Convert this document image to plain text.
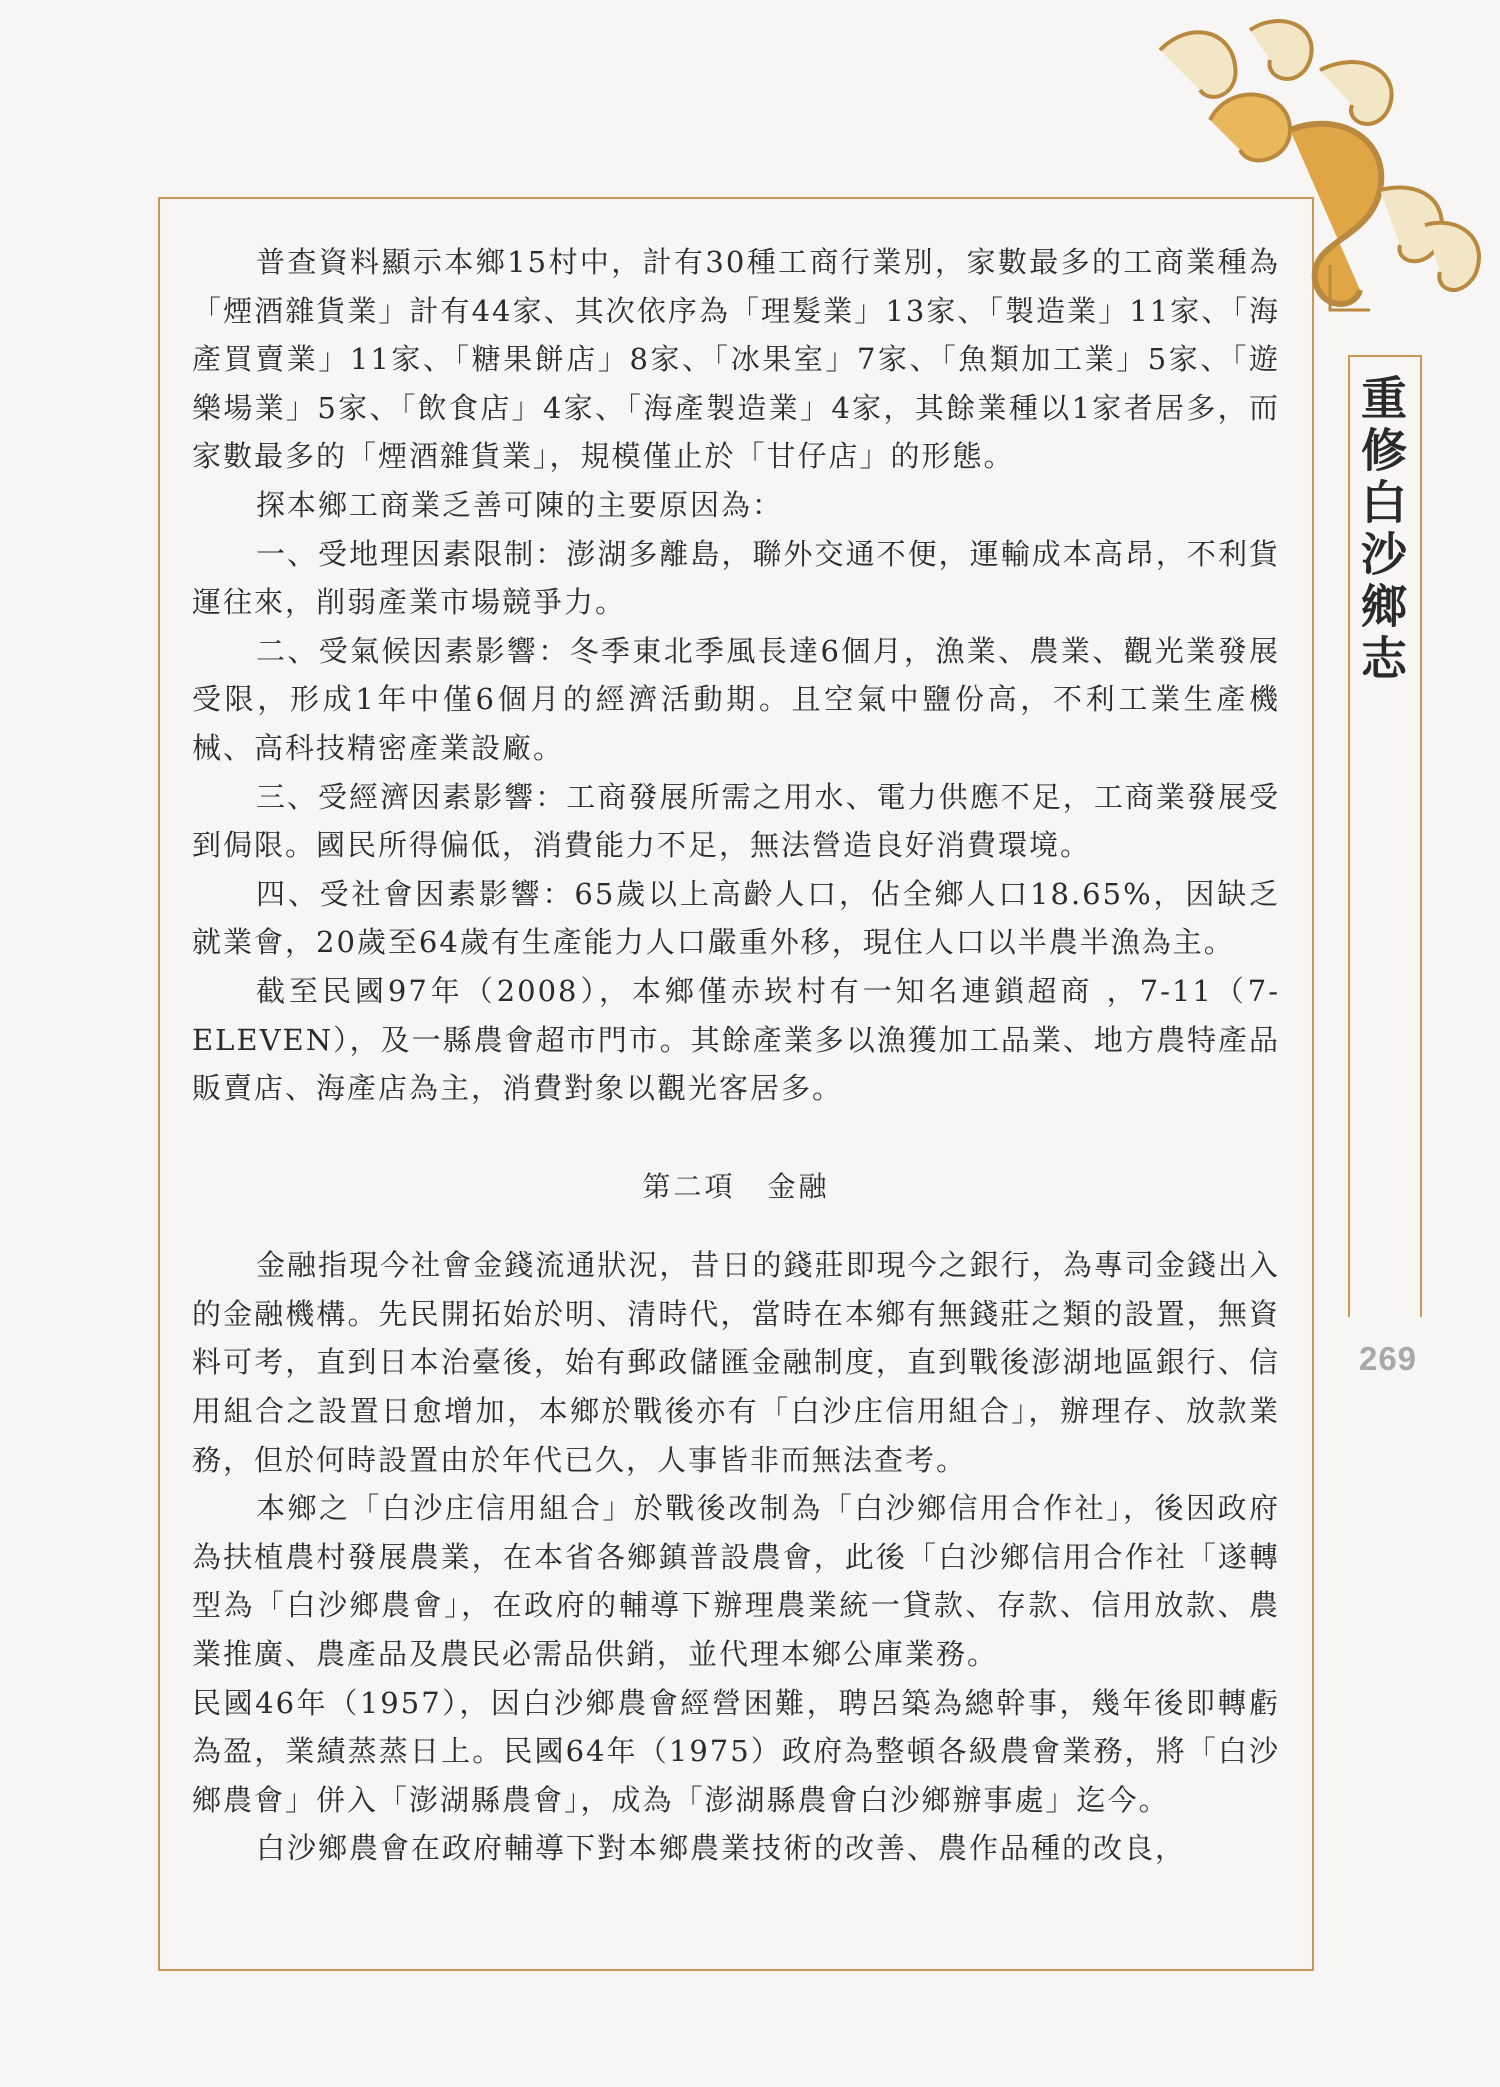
重修白沙鄉志
269

普查資料顯示本鄉15村中，計有30種工商行業別，家數最多的工商業種為「煙酒雜貨業」計有44家、其次依序為「理髮業」13家、「製造業」11家、「海產買賣業」11家、「糖果餅店」8家、「冰果室」7家、「魚類加工業」5家、「遊樂場業」5家、「飲食店」4家、「海產製造業」4家，其餘業種以1家者居多，而家數最多的「煙酒雜貨業」，規模僅止於「甘仔店」的形態。

探本鄉工商業乏善可陳的主要原因為：

一、受地理因素限制：澎湖多離島，聯外交通不便，運輸成本高昂，不利貨運往來，削弱產業市場競爭力。

二、受氣候因素影響：冬季東北季風長達6個月，漁業、農業、觀光業發展受限，形成1年中僅6個月的經濟活動期。且空氣中鹽份高，不利工業生產機械、高科技精密產業設廠。

三、受經濟因素影響：工商發展所需之用水、電力供應不足，工商業發展受到侷限。國民所得偏低，消費能力不足，無法營造良好消費環境。

四、受社會因素影響：65歲以上高齡人口，佔全鄉人口18.65%，因缺乏就業會，20歲至64歲有生產能力人口嚴重外移，現住人口以半農半漁為主。

截至民國97年（2008），本鄉僅赤崁村有一知名連鎖超商 ，7-11（7-ELEVEN），及一縣農會超市門市。其餘產業多以漁獲加工品業、地方農特產品販賣店、海產店為主，消費對象以觀光客居多。

第二項 金融

金融指現今社會金錢流通狀況，昔日的錢莊即現今之銀行，為專司金錢出入的金融機構。先民開拓始於明、清時代，當時在本鄉有無錢莊之類的設置，無資料可考，直到日本治臺後，始有郵政儲匯金融制度，直到戰後澎湖地區銀行、信用組合之設置日愈增加，本鄉於戰後亦有「白沙庄信用組合」，辦理存、放款業務，但於何時設置由於年代已久，人事皆非而無法查考。

本鄉之「白沙庄信用組合」於戰後改制為「白沙鄉信用合作社」，後因政府為扶植農村發展農業，在本省各鄉鎮普設農會，此後「白沙鄉信用合作社「遂轉型為「白沙鄉農會」，在政府的輔導下辦理農業統一貸款、存款、信用放款、農業推廣、農產品及農民必需品供銷，並代理本鄉公庫業務。

民國46年（1957），因白沙鄉農會經營困難，聘呂築為總幹事，幾年後即轉虧為盈，業績蒸蒸日上。民國64年（1975）政府為整頓各級農會業務，將「白沙鄉農會」併入「澎湖縣農會」，成為「澎湖縣農會白沙鄉辦事處」迄今。

白沙鄉農會在政府輔導下對本鄉農業技術的改善、農作品種的改良，
